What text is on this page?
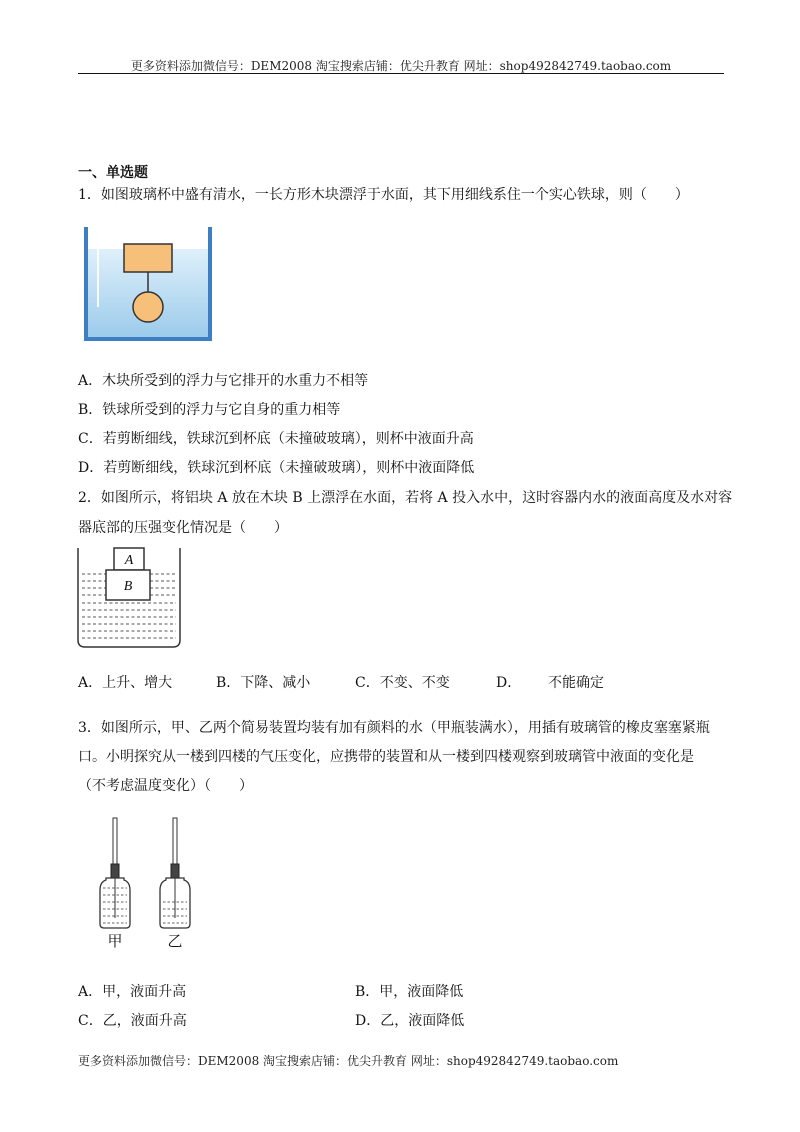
更多资料添加微信号：DEM2008 淘宝搜索店铺：优尖升教育 网址：shop492842749.taobao.com
一、单选题
1．如图玻璃杯中盛有清水，一长方形木块漂浮于水面，其下用细线系住一个实心铁球，则（　　）
A．木块所受到的浮力与它排开的水重力不相等
B．铁球所受到的浮力与它自身的重力相等
C．若剪断细线，铁球沉到杯底（未撞破玻璃），则杯中液面升高
D．若剪断细线，铁球沉到杯底（未撞破玻璃），则杯中液面降低
2．如图所示，将铝块 A 放在木块 B 上漂浮在水面，若将 A 投入水中，这时容器内水的液面高度及水对容
器底部的压强变化情况是（　　）
A
B
A．上升、增大	B．下降、减小	C．不变、不变	D． 不能确定
3．如图所示，甲、乙两个简易装置均装有加有颜料的水（甲瓶装满水），用插有玻璃管的橡皮塞塞紧瓶
口。小明探究从一楼到四楼的气压变化，应携带的装置和从一楼到四楼观察到玻璃管中液面的变化是
（不考虑温度变化）（　　）
甲	乙
A．甲，液面升高	B．甲，液面降低
C．乙，液面升高	D．乙，液面降低
更多资料添加微信号：DEM2008 淘宝搜索店铺：优尖升教育 网址：shop492842749.taobao.com
